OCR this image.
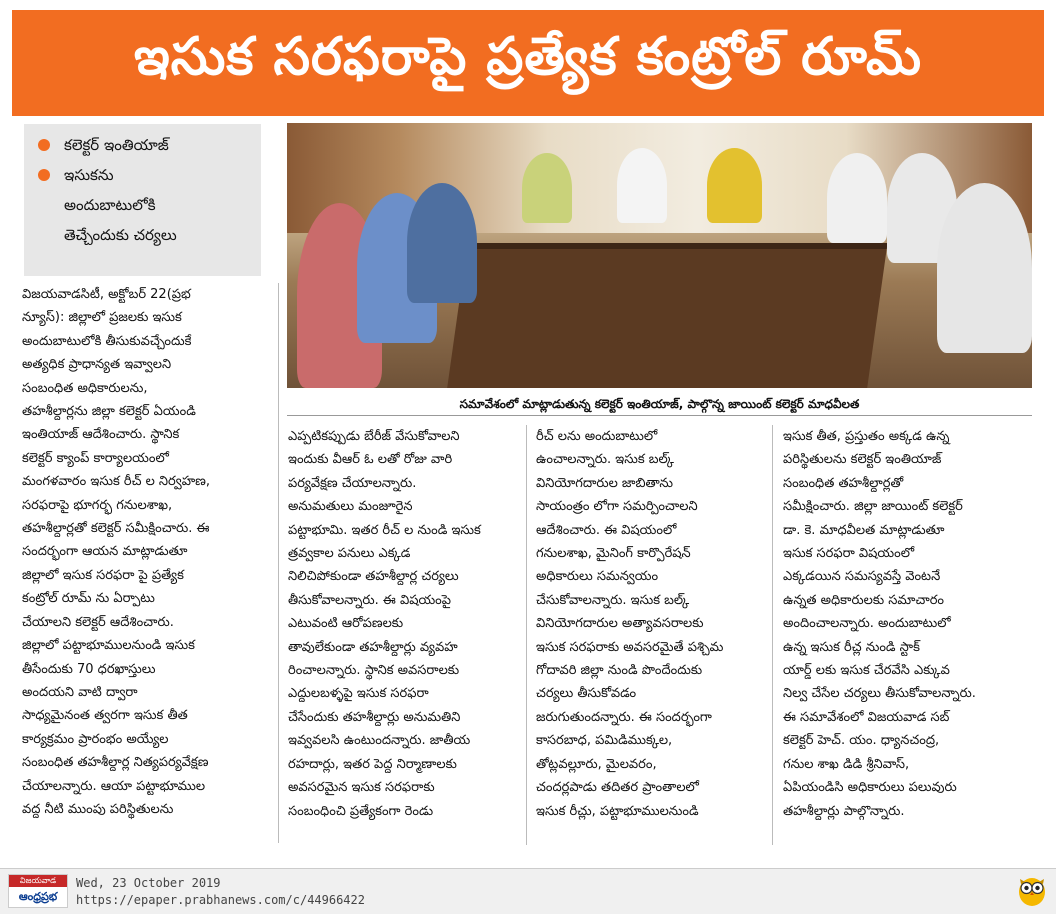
ఇసుక సరఫరాపై ప్రత్యేక కంట్రోల్ రూమ్
కలెక్టర్ ఇంతియాజ్
ఇసుకను
అందుబాటులోకి
తెచ్చేందుకు చర్యలు
సమావేశంలో మాట్లాడుతున్న కలెక్టర్ ఇంతియాజ్, పాల్గొన్న జాయింట్ కలెక్టర్ మాధవీలత

విజయవాడసిటీ, అక్టోబర్ 22(ప్రభ

న్యూస్): జిల్లాలో ప్రజలకు ఇసుక

అందుబాటులోకి తీసుకువచ్చేందుకే

అత్యధిక ప్రాధాన్యత ఇవ్వాలని

సంబంధిత అధికారులను,

తహశీల్దార్లను జిల్లా కలెక్టర్ ఏయండి

ఇంతియాజ్ ఆదేశించారు. స్థానిక

కలెక్టర్ క్యాంప్ కార్యాలయంలో

మంగళవారం ఇసుక రీచ్ ల నిర్వహణ,

సరఫరాపై భూగర్భ గనులశాఖ,

తహశీల్దార్లతో కలెక్టర్ సమీక్షించారు. ఈ

సందర్భంగా ఆయన మాట్లాడుతూ

జిల్లాలో ఇసుక సరఫరా పై ప్రత్యేక

కంట్రోల్ రూమ్ ను ఏర్పాటు

చేయాలని కలెక్టర్ ఆదేశించారు.

జిల్లాలో పట్టాభూములనుండి ఇసుక

తీసేందుకు 70 ధరఖాస్తులు

అందయని వాటి ద్వారా

సాధ్యమైనంత త్వరగా ఇసుక తీత

కార్యక్రమం ప్రారంభం అయ్యేల

సంబంధిత తహశీల్దార్ల నిత్యపర్యవేక్షణ

చేయాలన్నారు. ఆయా పట్టాభూముల

వద్ద నీటి ముంపు పరిస్థితులను

ఎప్పటికప్పుడు బేరీజ్ వేసుకోవాలని

ఇందుకు వీఆర్ ఓ లతో రోజు వారి

పర్యవేక్షణ చేయాలన్నారు.

అనుమతులు మంజూరైన

పట్టాభూమి. ఇతర రీచ్ ల నుండి ఇసుక

త్రవ్వకాల పనులు ఎక్కడ

నిలిచిపోకుండా తహశీల్దార్ల చర్యలు

తీసుకోవాలన్నారు. ఈ విషయంపై

ఎటువంటి ఆరోపణలకు

తావులేకుండా తహశీల్దార్లు వ్యవహ

రించాలన్నారు. స్థానిక అవసరాలకు

ఎద్దులబళ్ళపై ఇసుక సరఫరా

చేసేందుకు తహశీల్దార్లు అనుమతిని

ఇవ్వవలసి ఉంటుందన్నారు. జాతీయ

రహదార్లు, ఇతర పెద్ద నిర్మాణాలకు

అవసరమైన ఇసుక సరఫరాకు

సంబంధించి ప్రత్యేకంగా రెండు

రీచ్ లను అందుబాటులో

ఉంచాలన్నారు. ఇసుక బల్క్

వినియోగదారుల జాబితాను

సాయంత్రం లోగా సమర్పించాలని

ఆదేశించారు. ఈ విషయంలో

గనులశాఖ, మైనింగ్ కార్పొరేషన్

అధికారులు సమన్వయం

చేసుకోవాలన్నారు. ఇసుక బల్క్

వినియోగదారుల అత్యావసరాలకు

ఇసుక సరఫరాకు అవసరమైతే పశ్చిమ

గోదావరి జిల్లా నుండి పొందేందుకు

చర్యలు తీసుకోవడం

జరుగుతుందన్నారు. ఈ సందర్భంగా

కాసరబాధ, పమిడిముక్కల,

తోట్లవల్లూరు, మైలవరం,

చందర్లపాడు తదితర ప్రాంతాలలో

ఇసుక రీచ్లు, పట్టాభూములనుండి

ఇసుక తీత, ప్రస్తుతం అక్కడ ఉన్న

పరిస్థితులను కలెక్టర్ ఇంతియాజ్

సంబంధిత తహశీల్దార్లతో

సమీక్షించారు. జిల్లా జాయింట్ కలెక్టర్

డా. కె. మాధవీలత మాట్లాడుతూ

ఇసుక సరఫరా విషయంలో

ఎక్కడయిన సమస్యవస్తే వెంటనే

ఉన్నత అధికారులకు సమాచారం

అందించాలన్నారు. అందుబాటులో

ఉన్న ఇసుక రీచ్ల నుండి స్టాక్

యార్డ్ లకు ఇసుక చేరవేసి ఎక్కువ

నిల్వ చేసేల చర్యలు తీసుకోవాలన్నారు.

ఈ సమావేశంలో విజయవాడ సబ్

కలెక్టర్ హెచ్. యం. ధ్యానచంద్ర,

గనుల శాఖ డిడి శ్రీనివాస్,

ఏపియండిసి అధికారులు పలువురు

తహశీల్దార్లు పాల్గొన్నారు.

విజయవాడ
ఆంధ్రప్రభ
Wed, 23 October 2019
https://epaper.prabhanews.com/c/44966422
